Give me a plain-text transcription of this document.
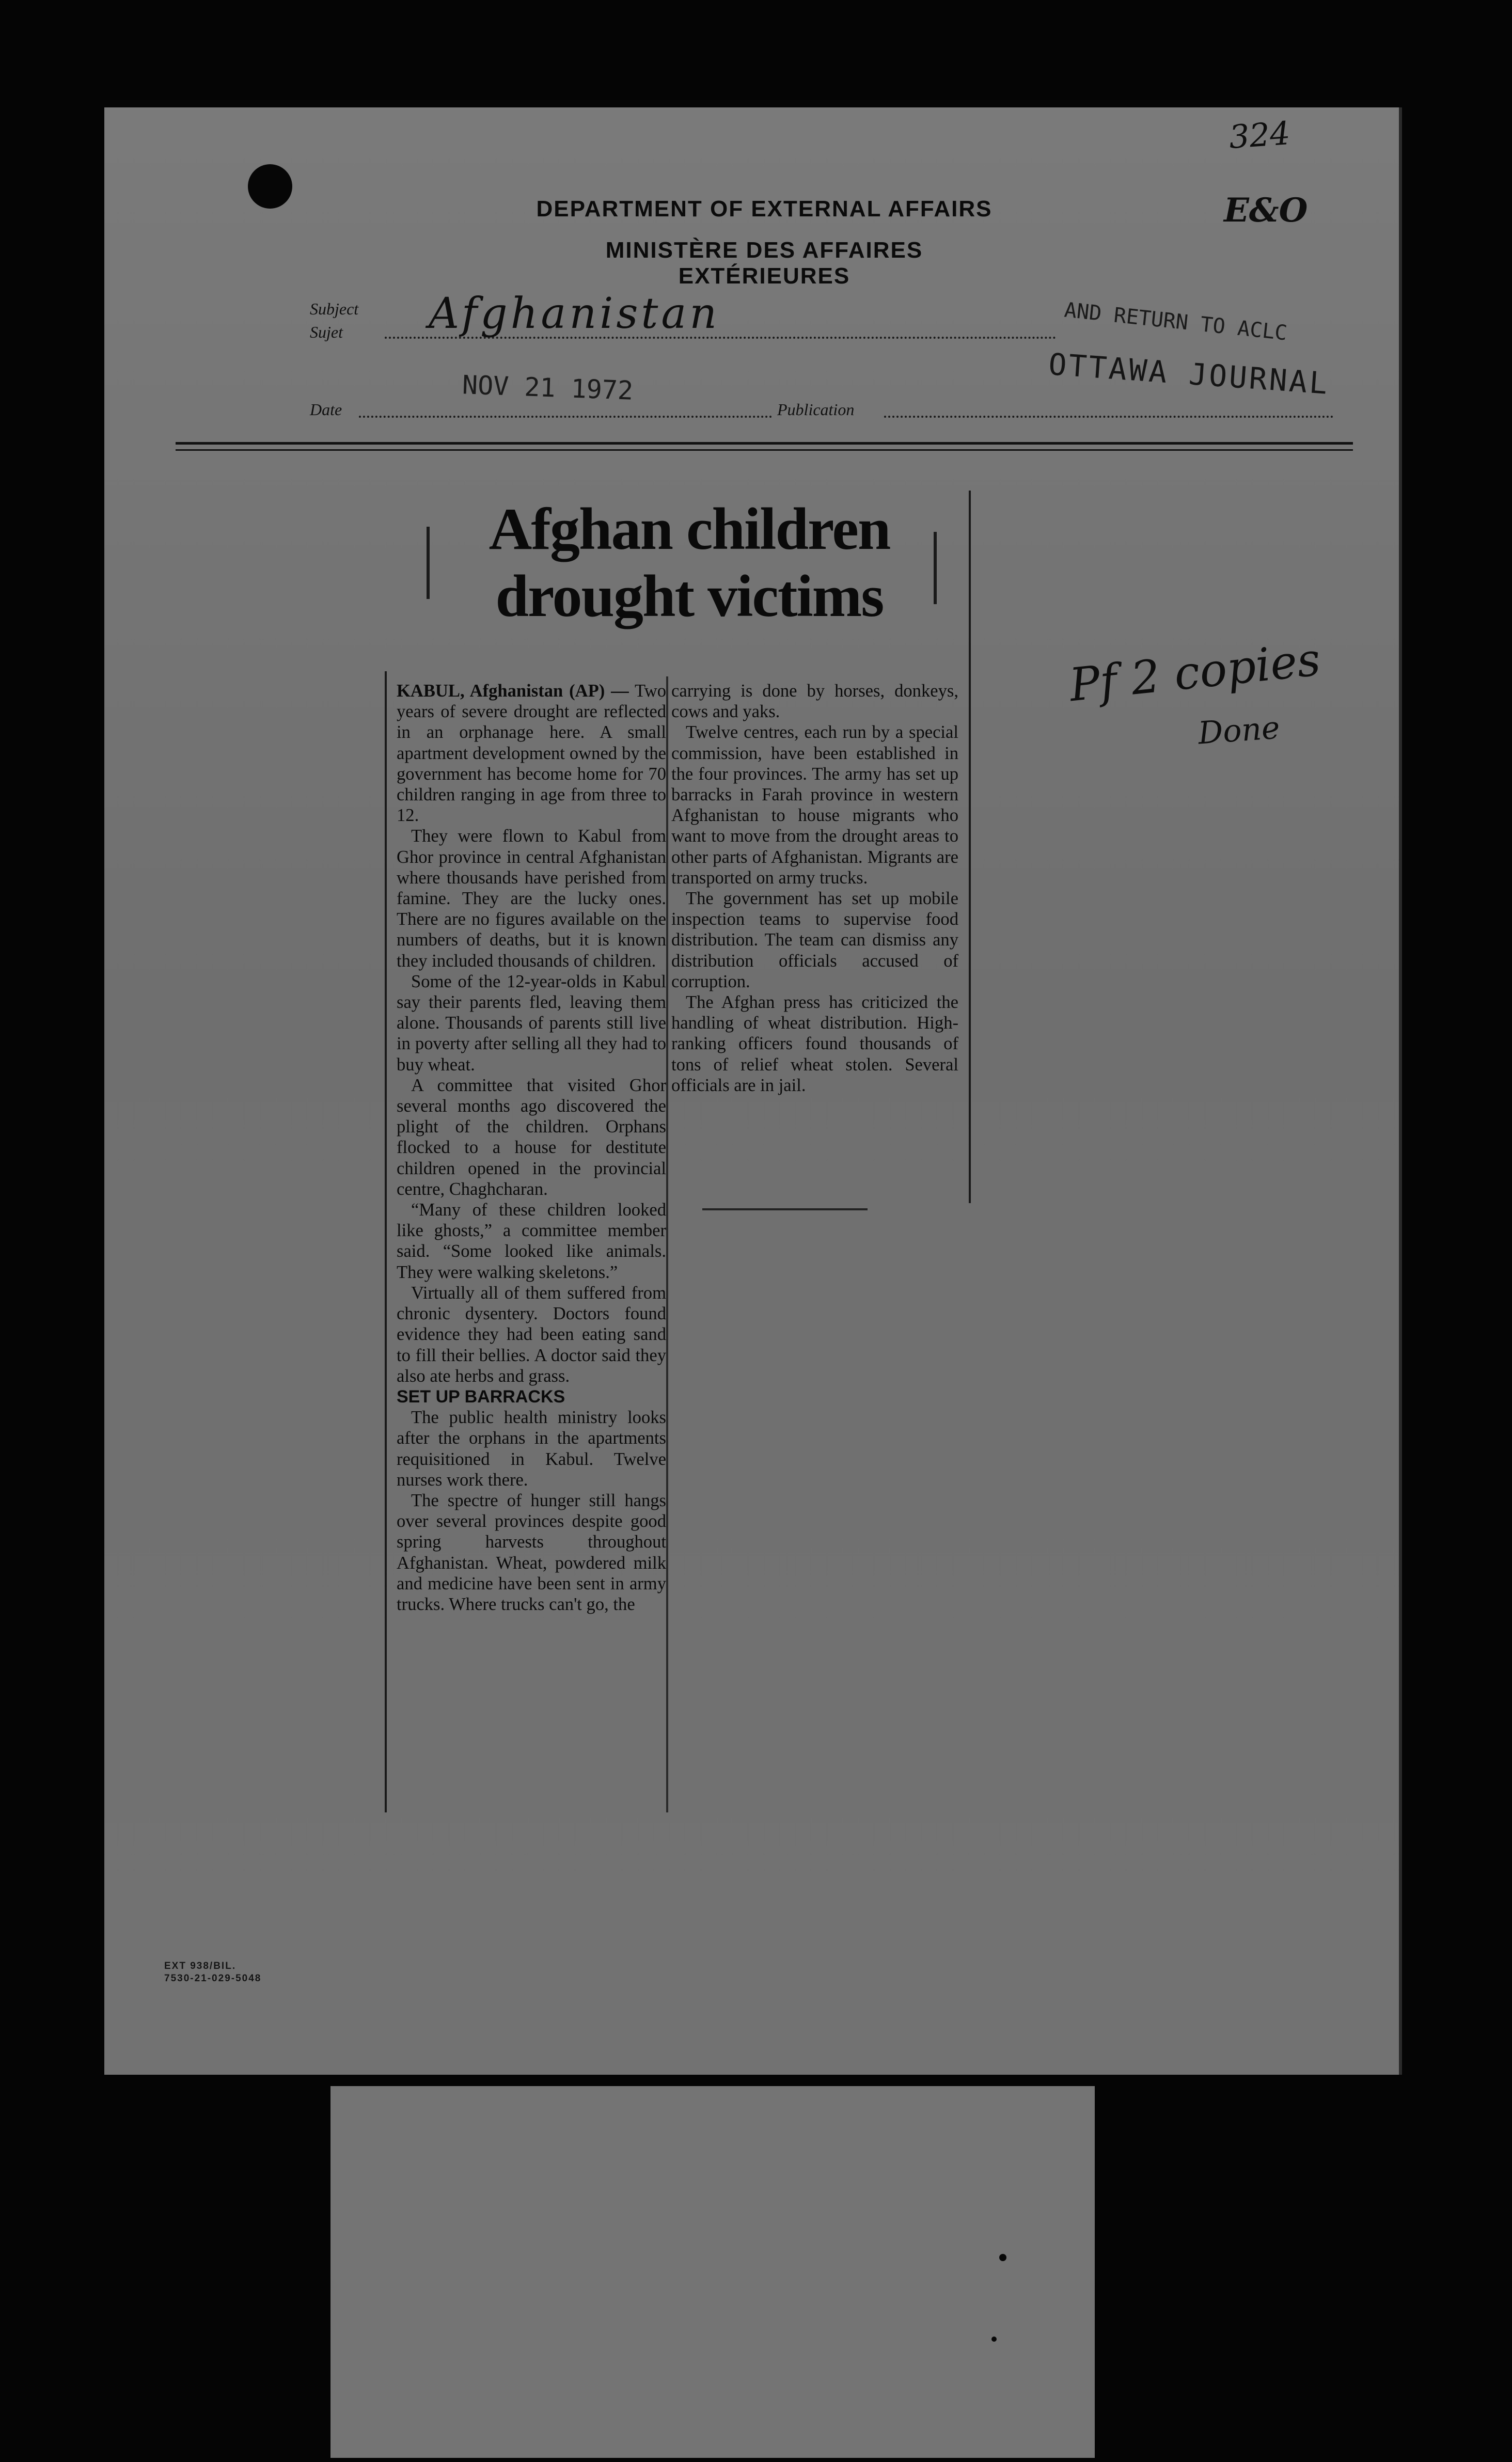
DEPARTMENT OF EXTERNAL AFFAIRS
MINISTÈRE DES AFFAIRES EXTÉRIEURES
Subject
Sujet Afghanistan
Date
NOV 21 1972
Publication
AND RETURN TO ACLC
OTTAWA JOURNAL
324
E&O
Pf 2 copies
Done
Afghan children
drought victims

KABUL, Afghanistan (AP) — Two years of severe drought are reflected in an orphanage here. A small apartment development owned by the government has become home for 70 children ranging in age from three to 12.

They were flown to Kabul from Ghor province in central Afghanistan where thousands have perished from famine. They are the lucky ones. There are no figures available on the numbers of deaths, but it is known they included thousands of children.

Some of the 12-year-olds in Kabul say their parents fled, leaving them alone. Thousands of parents still live in poverty after selling all they had to buy wheat.

A committee that visited Ghor several months ago discovered the plight of the children. Orphans flocked to a house for destitute children opened in the provincial centre, Chaghcharan.

“Many of these children looked like ghosts,” a committee member said. “Some looked like animals. They were walking skeletons.”

Virtually all of them suffered from chronic dysentery. Doctors found evidence they had been eating sand to fill their bellies. A doctor said they also ate herbs and grass.

SET UP BARRACKS

The public health ministry looks after the orphans in the apartments requisitioned in Kabul. Twelve nurses work there.

The spectre of hunger still hangs over several provinces despite good spring harvests throughout Afghanistan. Wheat, powdered milk and medicine have been sent in army trucks. Where trucks can't go, the

carrying is done by horses, donkeys, cows and yaks.

Twelve centres, each run by a special commission, have been established in the four provinces. The army has set up barracks in Farah province in western Afghanistan to house migrants who want to move from the drought areas to other parts of Afghanistan. Migrants are transported on army trucks.

The government has set up mobile inspection teams to supervise food distribution. The team can dismiss any distribution officials accused of corruption.

The Afghan press has criticized the handling of wheat distribution. High-ranking officers found thousands of tons of relief wheat stolen. Several officials are in jail.

EXT 938/BIL.
7530-21-029-5048
